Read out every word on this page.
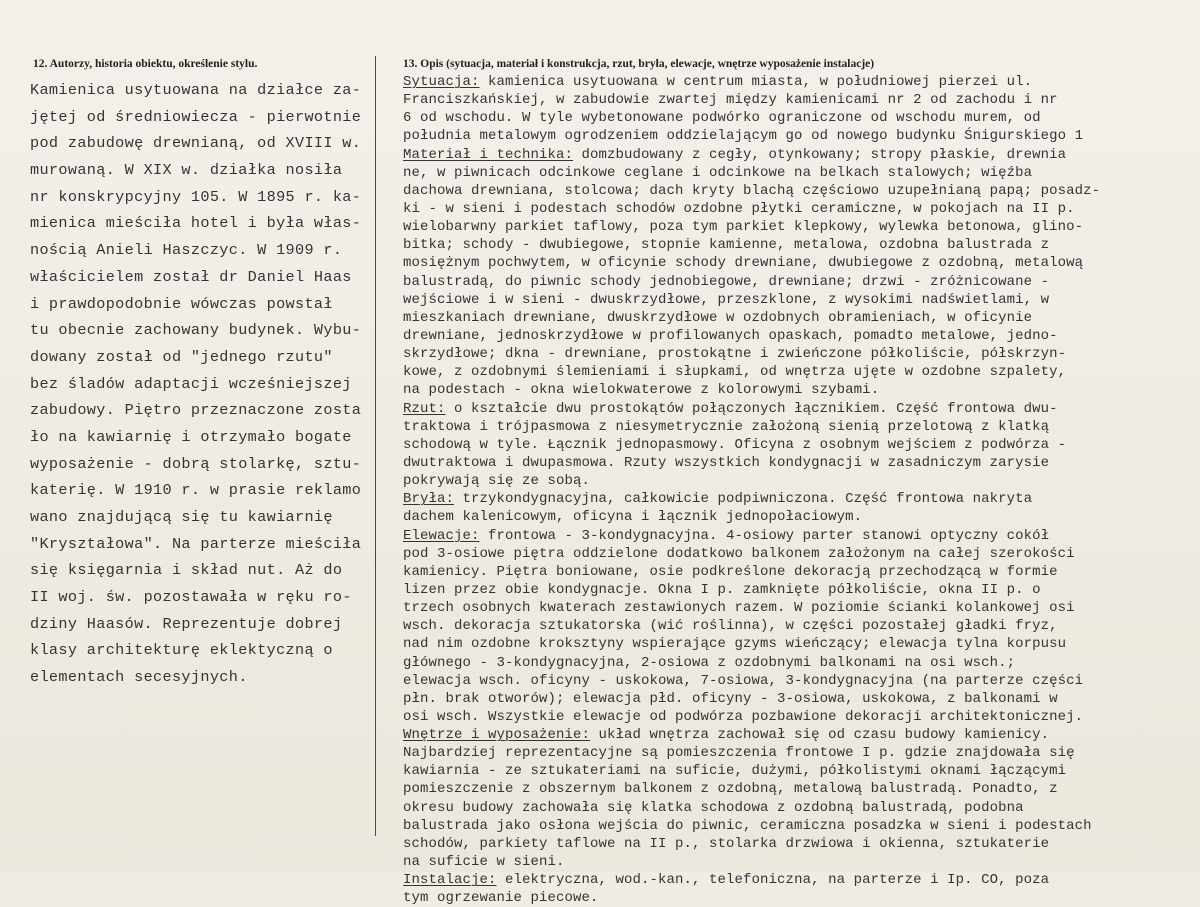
12. Autorzy, historia obiektu, określenie stylu.	13. Opis (sytuacja, materiał i konstrukcja, rzut, bryła, elewacje, wnętrze wyposażenie instalacje)
Kamienica usytuowana na działce za-
jętej od średniowiecza - pierwotnie
pod zabudowę drewnianą, od XVIII w.
murowaną. W XIX w. działka nosiła
nr konskrypcyjny 105. W 1895 r. ka-
mienica mieściła hotel i była włas-
nością Anieli Haszczyc. W 1909 r.
właścicielem został dr Daniel Haas
i prawdopodobnie wówczas powstał
tu obecnie zachowany budynek. Wybu-
dowany został od "jednego rzutu"
bez śladów adaptacji wcześniejszej
zabudowy. Piętro przeznaczone zosta
ło na kawiarnię i otrzymało bogate
wyposażenie - dobrą stolarkę, sztu-
katerię. W 1910 r. w prasie reklamo
wano znajdującą się tu kawiarnię
"Kryształowa". Na parterze mieściła
się księgarnia i skład nut. Aż do
II woj. św. pozostawała w ręku ro-
dziny Haasów. Reprezentuje dobrej
klasy architekturę eklektyczną o
elementach secesyjnych.
Sytuacja: kamienica usytuowana w centrum miasta, w południowej pierzei ul.
Franciszkańskiej, w zabudowie zwartej między kamienicami nr 2 od zachodu i nr
6 od wschodu. W tyle wybetonowane podwórko ograniczone od wschodu murem, od
południa metalowym ogrodzeniem oddzielającym go od nowego budynku Śnigurskiego 1
Materiał i technika: domzbudowany z cegły, otynkowany; stropy płaskie, drewnia
ne, w piwnicach odcinkowe ceglane i odcinkowe na belkach stalowych; więźba
dachowa drewniana, stolcowa; dach kryty blachą częściowo uzupełnianą papą; posadz-
ki - w sieni i podestach schodów ozdobne płytki ceramiczne, w pokojach na II p.
wielobarwny parkiet taflowy, poza tym parkiet klepkowy, wylewka betonowa, glino-
bitka; schody - dwubiegowe, stopnie kamienne, metalowa, ozdobna balustrada z
mosiężnym pochwytem, w oficynie schody drewniane, dwubiegowe z ozdobną, metalową
balustradą, do piwnic schody jednobiegowe, drewniane; drzwi - zróżnicowane -
wejściowe i w sieni - dwuskrzydłowe, przeszklone, z wysokimi nadświetlami, w
mieszkaniach drewniane, dwuskrzydłowe w ozdobnych obramieniach, w oficynie
drewniane, jednoskrzydłowe w profilowanych opaskach, pomadto metalowe, jedno-
skrzydłowe; dkna - drewniane, prostokątne i zwieńczone półkoliście, półskrzyn-
kowe, z ozdobnymi ślemieniami i słupkami, od wnętrza ujęte w ozdobne szpalety,
na podestach - okna wielokwaterowe z kolorowymi szybami.
Rzut: o kształcie dwu prostokątów połączonych łącznikiem. Część frontowa dwu-
traktowa i trójpasmowa z niesymetrycznie założoną sienią przelotową z klatką
schodową w tyle. Łącznik jednopasmowy. Oficyna z osobnym wejściem z podwórza -
dwutraktowa i dwupasmowa. Rzuty wszystkich kondygnacji w zasadniczym zarysie
pokrywają się ze sobą.
Bryła: trzykondygnacyjna, całkowicie podpiwniczona. Część frontowa nakryta
dachem kalenicowym, oficyna i łącznik jednopołaciowym.
Elewacje: frontowa - 3-kondygnacyjna. 4-osiowy parter stanowi optyczny cokół
pod 3-osiowe piętra oddzielone dodatkowo balkonem założonym na całej szerokości
kamienicy. Piętra boniowane, osie podkreślone dekoracją przechodzącą w formie
lizen przez obie kondygnacje. Okna I p. zamknięte półkoliście, okna II p. o
trzech osobnych kwaterach zestawionych razem. W poziomie ścianki kolankowej osi
wsch. dekoracja sztukatorska (wić roślinna), w części pozostałej gładki fryz,
nad nim ozdobne kroksztyny wspierające gzyms wieńczący; elewacja tylna korpusu
głównego - 3-kondygnacyjna, 2-osiowa z ozdobnymi balkonami na osi wsch.;
elewacja wsch. oficyny - uskokowa, 7-osiowa, 3-kondygnacyjna (na parterze części
płn. brak otworów); elewacja płd. oficyny - 3-osiowa, uskokowa, z balkonami w
osi wsch. Wszystkie elewacje od podwórza pozbawione dekoracji architektonicznej.
Wnętrze i wyposażenie: układ wnętrza zachował się od czasu budowy kamienicy.
Najbardziej reprezentacyjne są pomieszczenia frontowe I p. gdzie znajdowała się
kawiarnia - ze sztukateriami na suficie, dużymi, półkolistymi oknami łączącymi
pomieszczenie z obszernym balkonem z ozdobną, metalową balustradą. Ponadto, z
okresu budowy zachowała się klatka schodowa z ozdobną balustradą, podobna
balustrada jako osłona wejścia do piwnic, ceramiczna posadzka w sieni i podestach
schodów, parkiety taflowe na II p., stolarka drzwiowa i okienna, sztukaterie
na suficie w sieni.
Instalacje: elektryczna, wod.-kan., telefoniczna, na parterze i Ip. CO, poza
tym ogrzewanie piecowe.
